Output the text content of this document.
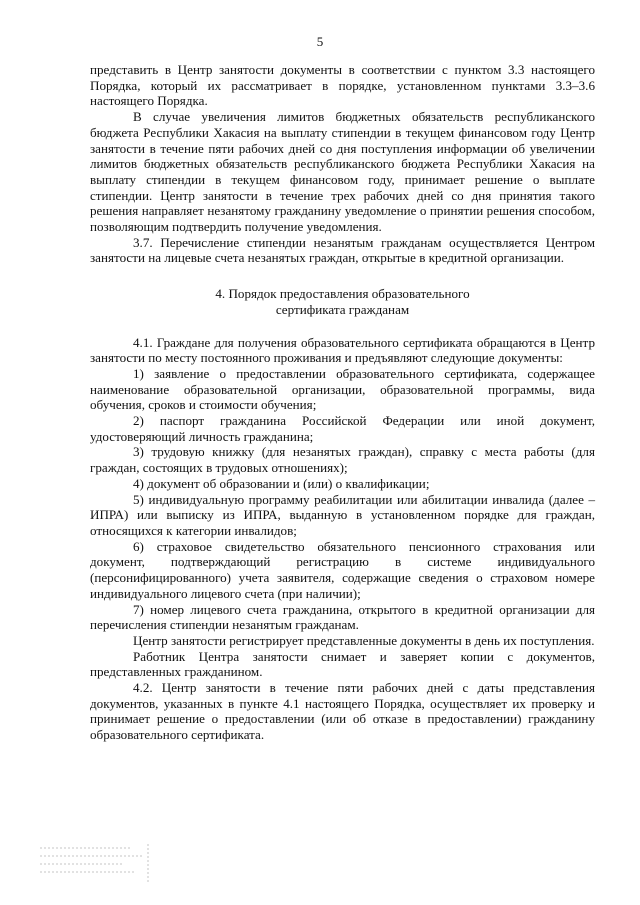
5

представить в Центр занятости документы в соответствии с пунктом 3.3 настоящего Порядка, который их рассматривает в порядке, установленном пунктами 3.3–3.6 настоящего Порядка.

В случае увеличения лимитов бюджетных обязательств республиканского бюджета Республики Хакасия на выплату стипендии в текущем финансовом году Центр занятости в течение пяти рабочих дней со дня поступления информации об увеличении лимитов бюджетных обязательств республиканского бюджета Республики Хакасия на выплату стипендии в текущем финансовом году, принимает решение о выплате стипендии. Центр занятости в течение трех рабочих дней со дня принятия такого решения направляет незанятому гражданину уведомление о принятии решения способом, позволяющим подтвердить получение уведомления.

3.7. Перечисление стипендии незанятым гражданам осуществляется Центром занятости на лицевые счета незанятых граждан, открытые в кредитной организации.

4. Порядок предоставления образовательного
сертификата гражданам

4.1. Граждане для получения образовательного сертификата обращаются в Центр занятости по месту постоянного проживания и предъявляют следующие документы:

1) заявление о предоставлении образовательного сертификата, содержащее наименование образовательной организации, образовательной программы, вида обучения, сроков и стоимости обучения;

2) паспорт гражданина Российской Федерации или иной документ, удостоверяющий личность гражданина;

3) трудовую книжку (для незанятых граждан), справку с места работы (для граждан, состоящих в трудовых отношениях);

4) документ об образовании и (или) о квалификации;

5) индивидуальную программу реабилитации или абилитации инвалида (далее – ИПРА) или выписку из ИПРА, выданную в установленном порядке для граждан, относящихся к категории инвалидов;

6) страховое свидетельство обязательного пенсионного страхования или документ, подтверждающий регистрацию в системе индивидуального (персонифицированного) учета заявителя, содержащие сведения о страховом номере индивидуального лицевого счета (при наличии);

7) номер лицевого счета гражданина, открытого в кредитной организации для перечисления стипендии незанятым гражданам.

Центр занятости регистрирует представленные документы в день их поступления.

Работник Центра занятости снимает и заверяет копии с документов, представленных гражданином.

4.2. Центр занятости в течение пяти рабочих дней с даты представления документов, указанных в пункте 4.1 настоящего Порядка, осуществляет их проверку и принимает решение о предоставлении (или об отказе в предоставлении) гражданину образовательного сертификата.
